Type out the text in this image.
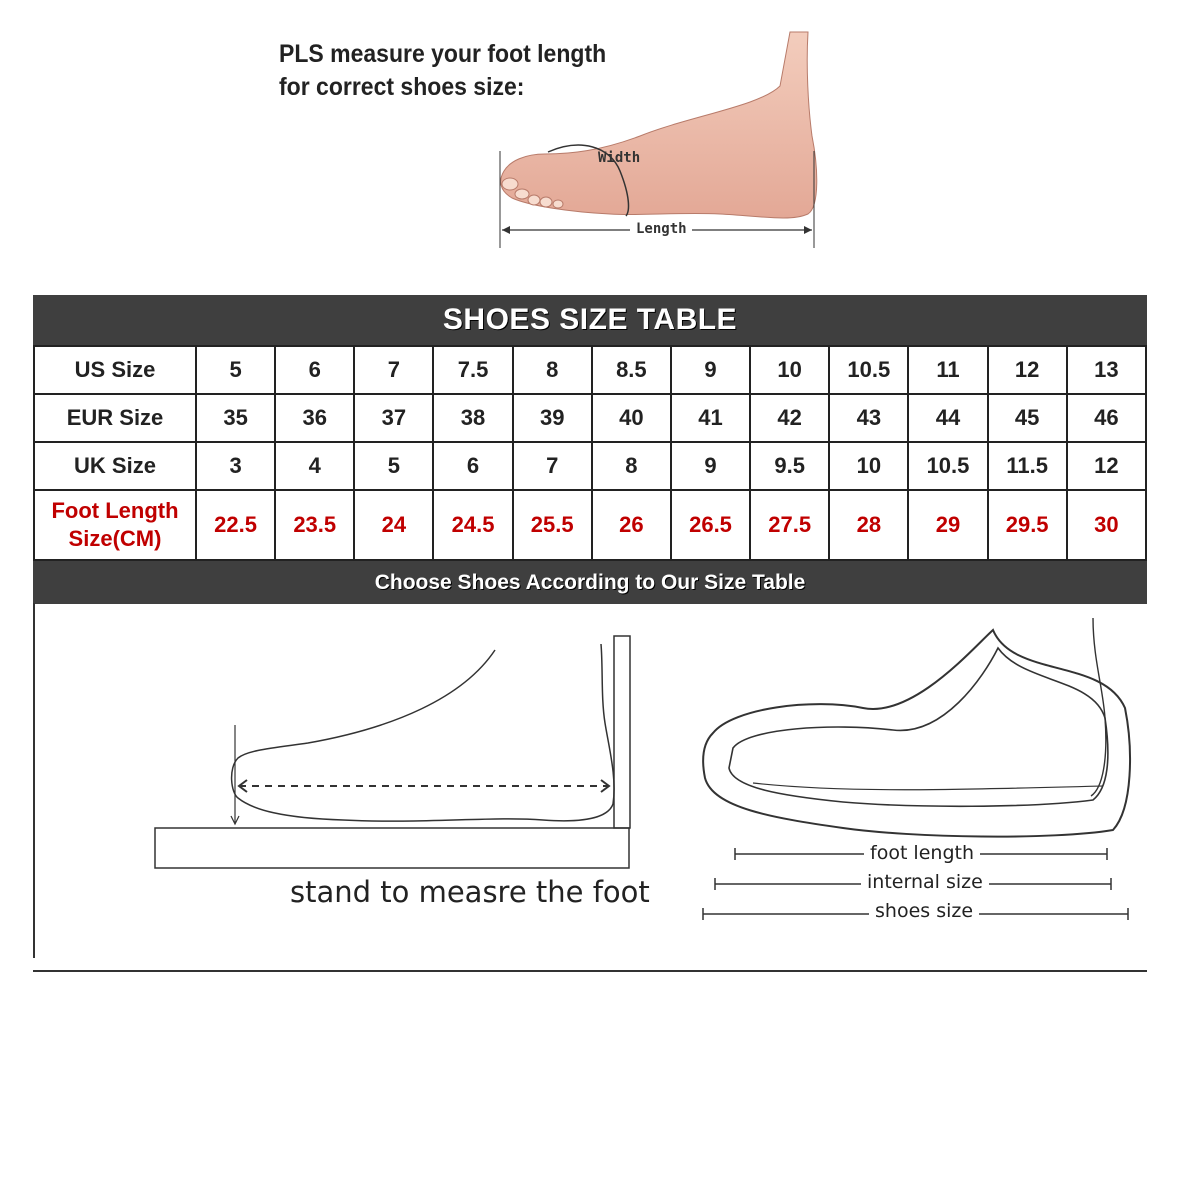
PLS measure your foot length
for correct shoes size:
Width
Length
SHOES SIZE TABLE
US Size	5	6	7	7.5	8	8.5	9	10	10.5	11	12	13
EUR Size	35	36	37	38	39	40	41	42	43	44	45	46
UK Size	3	4	5	6	7	8	9	9.5	10	10.5	11.5	12

Foot Length
Size(CM)	22.5	23.5	24	24.5	25.5	26	26.5	27.5	28	29	29.5	30
Choose Shoes According to Our Size Table
stand to measre the foot
foot length
internal size
shoes size
